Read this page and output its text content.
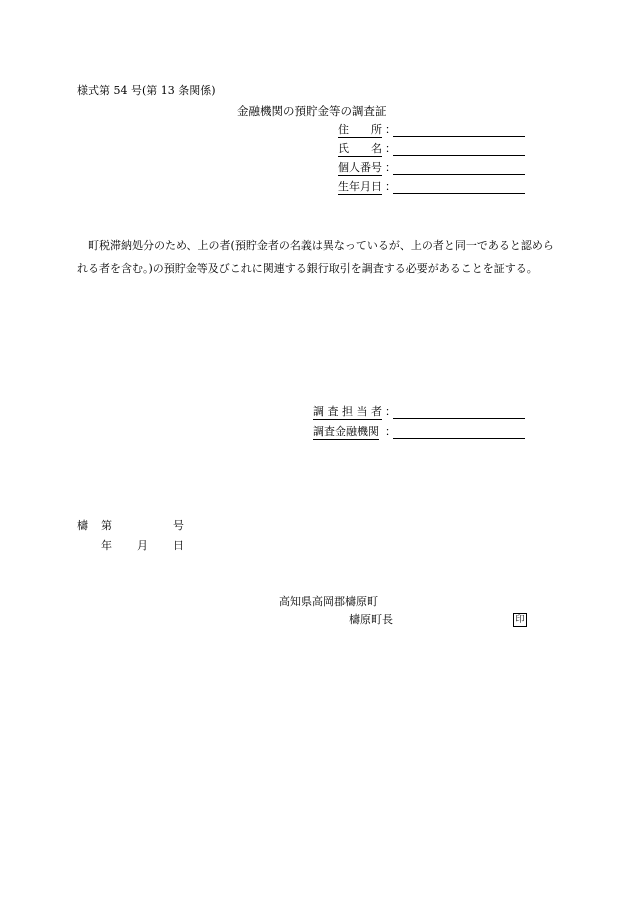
様式第 54 号(第 13 条関係)
金融機関の預貯金等の調査証
住　　所 ：
氏　　名 ：
個人番号 ：
生年月日 ：
町税滞納処分のため、上の者(預貯金者の名義は異なっているが、上の者と同一であると認められる者を含む。)の預貯金等及びこれに関連する銀行取引を調査する必要があることを証する。
調 査 担 当 者 ：
調査金融機関 ：
檮 第	号
年 月 日
高知県高岡郡檮原町
檮原町長	印
